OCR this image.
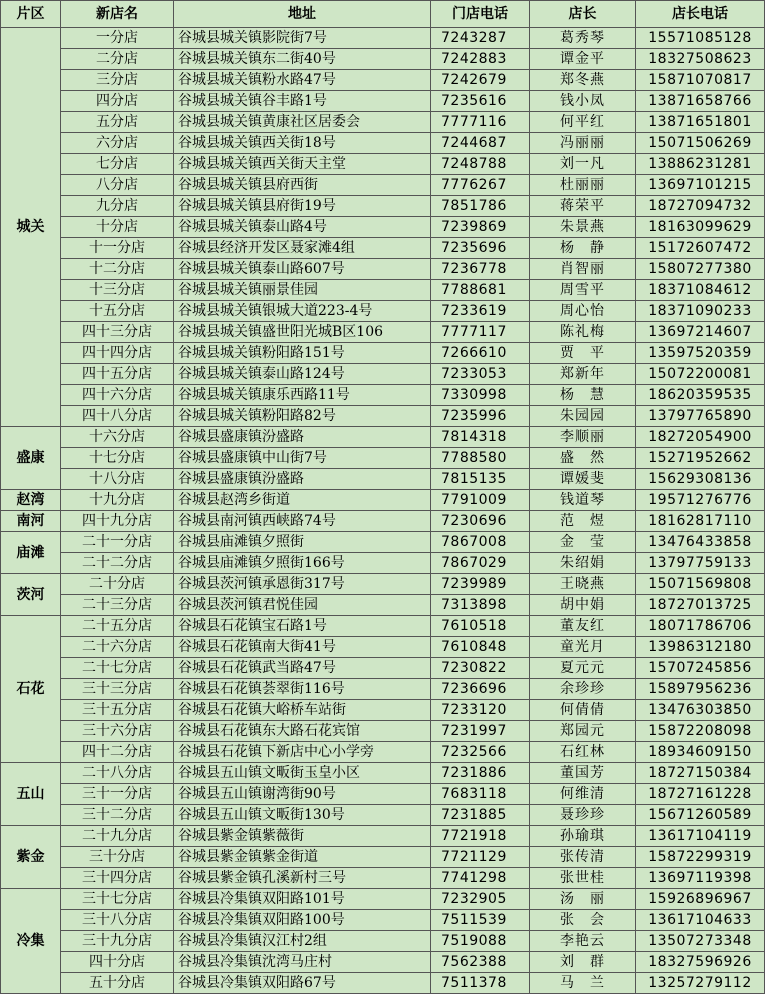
片区	新店名	地址	门店电话	店长	店长电话
城关	一分店	谷城县城关镇影院街7号	7243287	葛秀琴	15571085128
	二分店	谷城县城关镇东二街40号	7242883	谭金平	18327508623
	三分店	谷城县城关镇粉水路47号	7242679	郑冬燕	15871070817
	四分店	谷城县城关镇谷丰路1号	7235616	钱小凤	13871658766
	五分店	谷城县城关镇黄康社区居委会	7777116	何平红	13871651801
	六分店	谷城县城关镇西关街18号	7244687	冯丽丽	15071506269
	七分店	谷城县城关镇西关街天主堂	7248788	刘一凡	13886231281
	八分店	谷城县城关镇县府西街	7776267	杜丽丽	13697101215
	九分店	谷城县城关镇县府街19号	7851786	蒋荣平	18727094732
	十分店	谷城县城关镇泰山路4号	7239869	朱景燕	18163099629
	十一分店	谷城县经济开发区聂家滩4组	7235696	杨　静	15172607472
	十二分店	谷城县城关镇泰山路607号	7236778	肖智丽	15807277380
	十三分店	谷城县城关镇丽景佳园	7788681	周雪平	18371084612
	十五分店	谷城县城关镇银城大道223-4号	7233619	周心怡	18371090233
	四十三分店	谷城县城关镇盛世阳光城B区106	7777117	陈礼梅	13697214607
	四十四分店	谷城县城关镇粉阳路151号	7266610	贾　平	13597520359
	四十五分店	谷城县城关镇泰山路124号	7233053	郑新年	15072200081
	四十六分店	谷城县城关镇康乐西路11号	7330998	杨　慧	18620359535
	四十八分店	谷城县城关镇粉阳路82号	7235996	朱园园	13797765890
盛康	十六分店	谷城县盛康镇汾盛路	7814318	李顺丽	18272054900
	十七分店	谷城县盛康镇中山街7号	7788580	盛　然	15271952662
	十八分店	谷城县盛康镇汾盛路	7815135	谭媛斐	15629308136
赵湾	十九分店	谷城县赵湾乡街道	7791009	钱道琴	19571276776
南河	四十九分店	谷城县南河镇西峡路74号	7230696	范　煜	18162817110
庙滩	二十一分店	谷城县庙滩镇夕照街	7867008	金　莹	13476433858
	二十二分店	谷城县庙滩镇夕照街166号	7867029	朱绍娟	13797759133
茨河	二十分店	谷城县茨河镇承恩街317号	7239989	王晓燕	15071569808
	二十三分店	谷城县茨河镇君悦佳园	7313898	胡中娟	18727013725
石花	二十五分店	谷城县石花镇宝石路1号	7610518	董友红	18071786706
	二十六分店	谷城县石花镇南大街41号	7610848	童光月	13986312180
	二十七分店	谷城县石花镇武当路47号	7230822	夏元元	15707245856
	三十三分店	谷城县石花镇荟翠街116号	7236696	余珍珍	15897956236
	三十五分店	谷城县石花镇大峪桥车站街	7233120	何倩倩	13476303850
	三十六分店	谷城县石花镇东大路石花宾馆	7231997	郑园元	15872208098
	四十二分店	谷城县石花镇下新店中心小学旁	7232566	石红林	18934609150
五山	二十八分店	谷城县五山镇文畈街玉皇小区	7231886	董国芳	18727150384
	三十一分店	谷城县五山镇谢湾街90号	7683118	何维清	18727161228
	三十二分店	谷城县五山镇文畈街130号	7231885	聂珍珍	15671260589
紫金	二十九分店	谷城县紫金镇紫薇街	7721918	孙瑜琪	13617104119
	三十分店	谷城县紫金镇紫金街道	7721129	张传清	15872299319
	三十四分店	谷城县紫金镇孔溪新村三号	7741298	张世桂	13697119398
冷集	三十七分店	谷城县冷集镇双阳路101号	7232905	汤　丽	15926896967
	三十八分店	谷城县冷集镇双阳路100号	7511539	张　会	13617104633
	三十九分店	谷城县冷集镇汉江村2组	7519088	李艳云	13507273348
	四十分店	谷城县冷集镇沈湾马庄村	7562388	刘　群	18327596926
	五十分店	谷城县冷集镇双阳路67号	7511378	马　兰	13257279112
